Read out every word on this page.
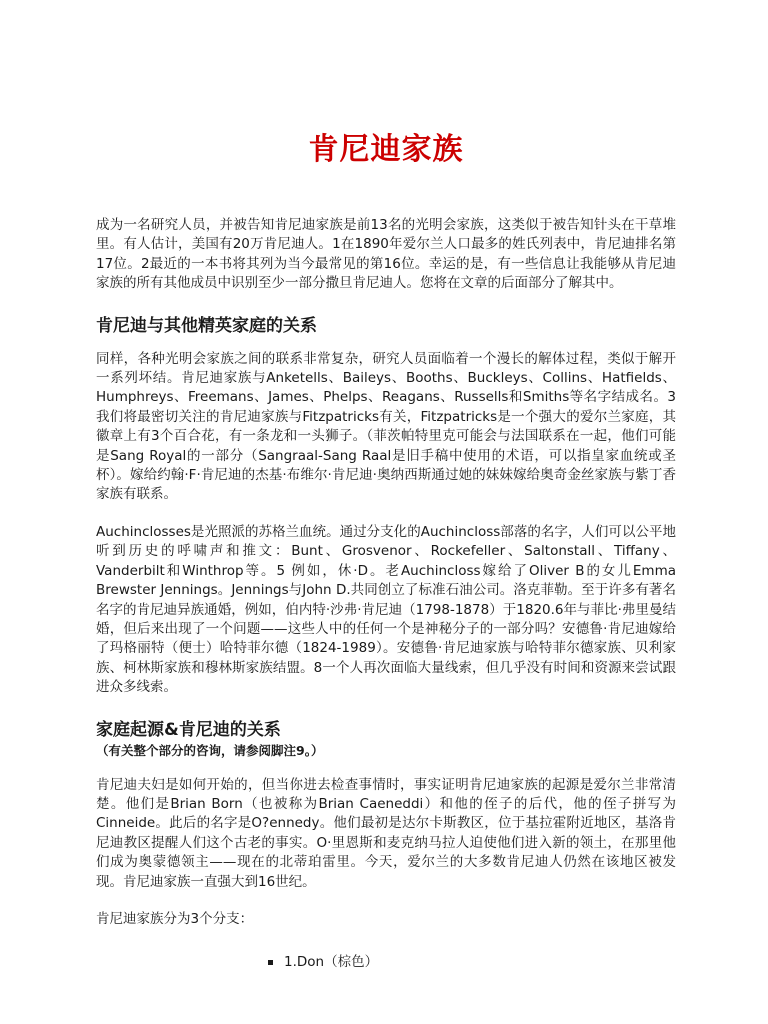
肯尼迪家族

成为一名研究人员，并被告知肯尼迪家族是前13名的光明会家族，这类似于被告知针头在干草堆里。有人估计，美国有20万肯尼迪人。1在1890年爱尔兰人口最多的姓氏列表中，肯尼迪排名第17位。2最近的一本书将其列为当今最常见的第16位。幸运的是，有一些信息让我能够从肯尼迪家族的所有其他成员中识别至少一部分撒旦肯尼迪人。您将在文章的后面部分了解其中。

肯尼迪与其他精英家庭的关系

同样，各种光明会家族之间的联系非常复杂，研究人员面临着一个漫长的解体过程，类似于解开一系列坏结。肯尼迪家族与Anketells、Baileys、Booths、Buckleys、Collins、Hatfields、Humphreys、Freemans、James、Phelps、Reagans、Russells和Smiths等名字结成名。3我们将最密切关注的肯尼迪家族与Fitzpatricks有关，Fitzpatricks是一个强大的爱尔兰家庭，其徽章上有3个百合花，有一条龙和一头狮子。（菲茨帕特里克可能会与法国联系在一起，他们可能是Sang Royal的一部分（Sangraal-Sang Raal是旧手稿中使用的术语，可以指皇家血统或圣杯）。嫁给约翰·F·肯尼迪的杰基·布维尔·肯尼迪·奥纳西斯通过她的妹妹嫁给奥奇金丝家族与紫丁香家族有联系。

Auchinclosses是光照派的苏格兰血统。通过分支化的Auchincloss部落的名字，人们可以公平地听到历史的呼啸声和推文：Bunt、Grosvenor、Rockefeller、Saltonstall、Tiffany、Vanderbilt和Winthrop等。5 例如，休·D。老Auchincloss嫁给了Oliver B的女儿Emma Brewster Jennings。Jennings与John D.共同创立了标准石油公司。洛克菲勒。至于许多有著名名字的肯尼迪异族通婚，例如，伯内特·沙弗·肯尼迪（1798-1878）于1820.6年与菲比·弗里曼结婚，但后来出现了一个问题——这些人中的任何一个是神秘分子的一部分吗？安德鲁·肯尼迪嫁给了玛格丽特（便士）哈特菲尔德（1824-1989）。安德鲁·肯尼迪家族与哈特菲尔德家族、贝利家族、柯林斯家族和穆林斯家族结盟。8一个人再次面临大量线索，但几乎没有时间和资源来尝试跟进众多线索。

家庭起源&肯尼迪的关系
（有关整个部分的咨询，请参阅脚注9。）

肯尼迪夫妇是如何开始的，但当你进去检查事情时，事实证明肯尼迪家族的起源是爱尔兰非常清楚。他们是Brian Born（也被称为Brian Caeneddi）和他的侄子的后代，他的侄子拼写为Cinneide。此后的名字是O?ennedy。他们最初是达尔卡斯教区，位于基拉霍附近地区，基洛肯尼迪教区提醒人们这个古老的事实。O·里恩斯和麦克纳马拉人迫使他们进入新的领土，在那里他们成为奥蒙德领主——现在的北蒂珀雷里。今天，爱尔兰的大多数肯尼迪人仍然在该地区被发现。肯尼迪家族一直强大到16世纪。

肯尼迪家族分为3个分支：

1.Don（棕色）
